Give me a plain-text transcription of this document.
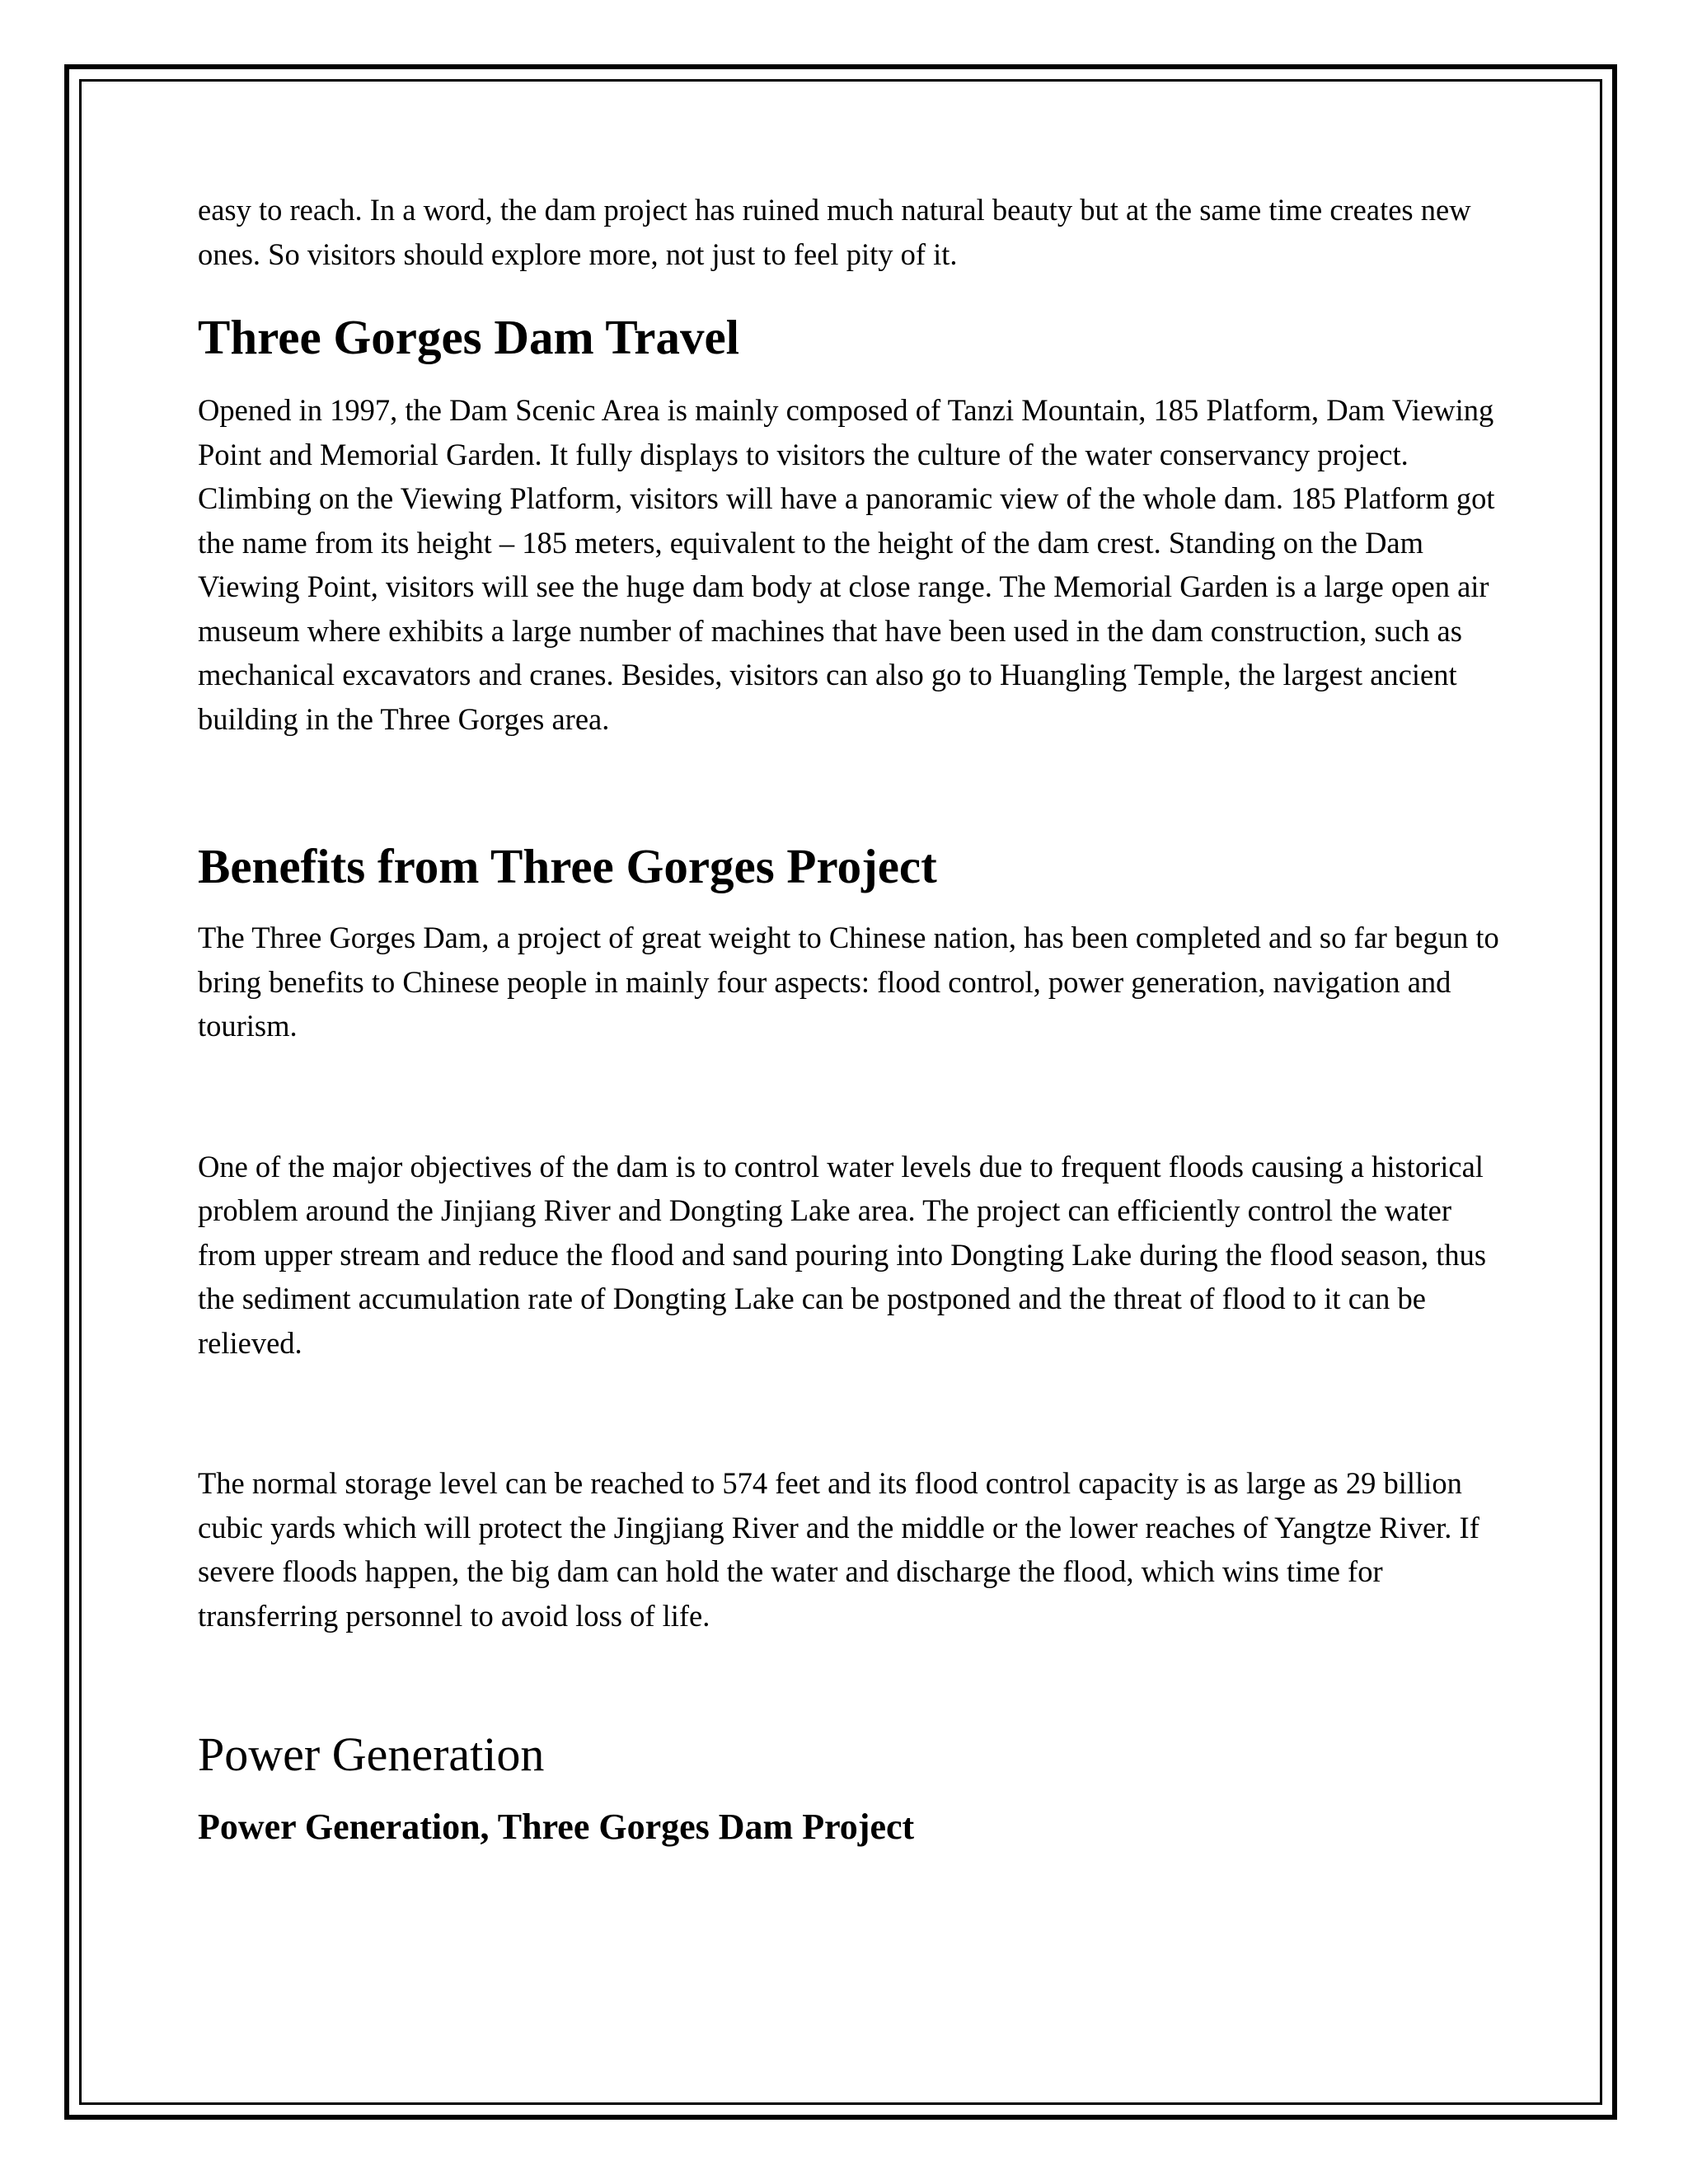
easy to reach. In a word, the dam project has ruined much natural beauty but at the same time creates new ones. So visitors should explore more, not just to feel pity of it.

Three Gorges Dam Travel

Opened in 1997, the Dam Scenic Area is mainly composed of Tanzi Mountain, 185 Platform, Dam Viewing Point and Memorial Garden. It fully displays to visitors the culture of the water conservancy project. Climbing on the Viewing Platform, visitors will have a panoramic view of the whole dam. 185 Platform got the name from its height – 185 meters, equivalent to the height of the dam crest. Standing on the Dam Viewing Point, visitors will see the huge dam body at close range. The Memorial Garden is a large open air museum where exhibits a large number of machines that have been used in the dam construction, such as mechanical excavators and cranes. Besides, visitors can also go to Huangling Temple, the largest ancient building in the Three Gorges area.

Benefits from Three Gorges Project

The Three Gorges Dam, a project of great weight to Chinese nation, has been completed and so far begun to bring benefits to Chinese people in mainly four aspects: flood control, power generation, navigation and tourism.

One of the major objectives of the dam is to control water levels due to frequent floods causing a historical problem around the Jinjiang River and Dongting Lake area. The project can efficiently control the water from upper stream and reduce the flood and sand pouring into Dongting Lake during the flood season, thus the sediment accumulation rate of Dongting Lake can be postponed and the threat of flood to it can be relieved.

The normal storage level can be reached to 574 feet and its flood control capacity is as large as 29 billion cubic yards which will protect the Jingjiang River and the middle or the lower reaches of Yangtze River. If severe floods happen, the big dam can hold the water and discharge the flood, which wins time for transferring personnel to avoid loss of life.

Power Generation
Power Generation, Three Gorges Dam Project
